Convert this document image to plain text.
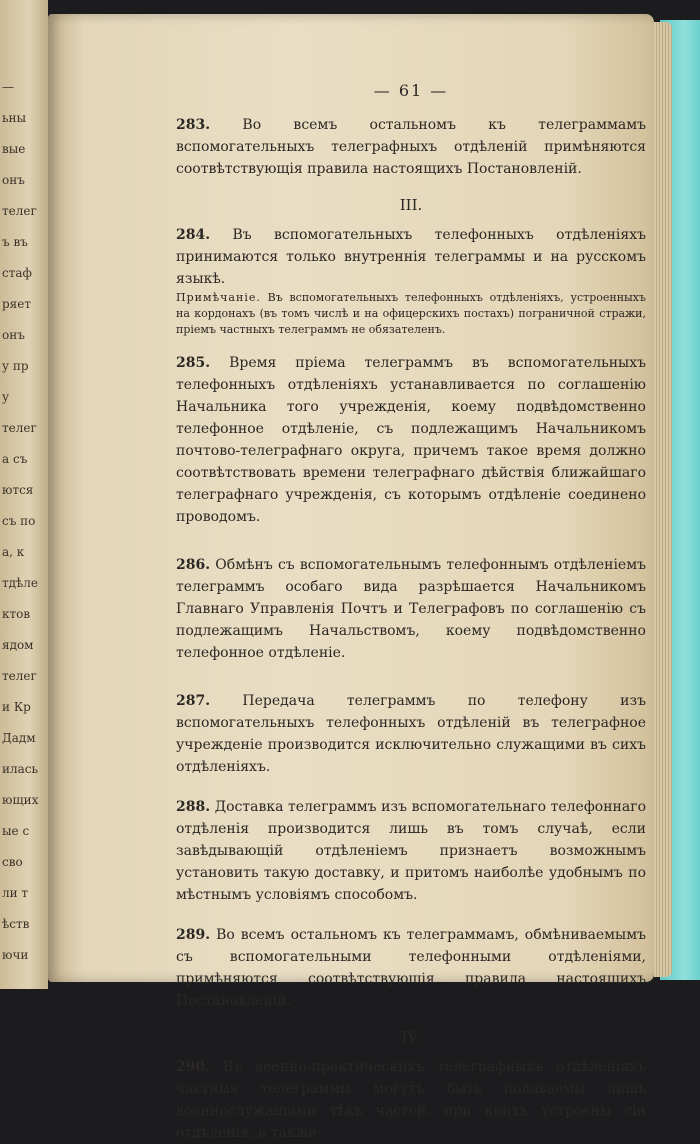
—
ьны
вые
онъ
телег
ъ въ
стаф
ряет
онъ
у пр
у
телег
а съ
ются
съ по
а, к
тдѣле
ктов
ядом
телег
и Кр
Дадм
илась
ющих
ые с
сво
ли т
ѣств
ючи
— 61 —

283. Во всемъ остальномъ къ телеграммамъ вспомогательныхъ телеграфныхъ отдѣленій примѣняются соотвѣтствующія правила настоящихъ Постановленій.

III.

284. Въ вспомогательныхъ телефонныхъ отдѣленіяхъ принимаются только внутреннія телеграммы и на русскомъ языкѣ.

Примѣчаніе. Въ вспомогательныхъ телефонныхъ отдѣленіяхъ, устроенныхъ на кордонахъ (въ томъ числѣ и на офицерскихъ постахъ) пограничной стражи, пріемъ частныхъ телеграммъ не обязателенъ.

285. Время пріема телеграммъ въ вспомогательныхъ телефонныхъ отдѣленіяхъ устанавливается по соглашенію Начальника того учрежденія, коему подвѣдомственно телефонное отдѣленіе, съ подлежащимъ Начальникомъ почтово-телеграфнаго округа, причемъ такое время должно соотвѣтствовать времени телеграфнаго дѣйствія ближайшаго телеграфнаго учрежденія, съ которымъ отдѣленіе соединено проводомъ.

286. Обмѣнъ съ вспомогательнымъ телефоннымъ отдѣленіемъ телеграммъ особаго вида разрѣшается Начальникомъ Главнаго Управленія Почтъ и Телеграфовъ по соглашенію съ подлежащимъ Начальствомъ, коему подвѣдомственно телефонное отдѣленіе.

287. Передача телеграммъ по телефону изъ вспомогательныхъ телефонныхъ отдѣленій въ телеграфное учрежденіе производится исключительно служащими въ сихъ отдѣленіяхъ.

288. Доставка телеграммъ изъ вспомогательнаго телефоннаго отдѣленія производится лишь въ томъ случаѣ, если завѣдывающій отдѣленіемъ признаетъ возможнымъ установить такую доставку, и притомъ наиболѣе удобнымъ по мѣстнымъ условіямъ способомъ.

289. Во всемъ остальномъ къ телеграммамъ, обмѣниваемымъ съ вспомогательными телефонными отдѣленіями, примѣняются соотвѣтствующія правила настоящихъ Постановленій.

IV.

290. Въ военно-практическихъ телеграфныхъ отдѣленіяхъ частныя телеграммы могутъ быть подаваемы лишь военнослужащими тѣхъ частей, при коихъ устроены сіи отдѣленія, а также
